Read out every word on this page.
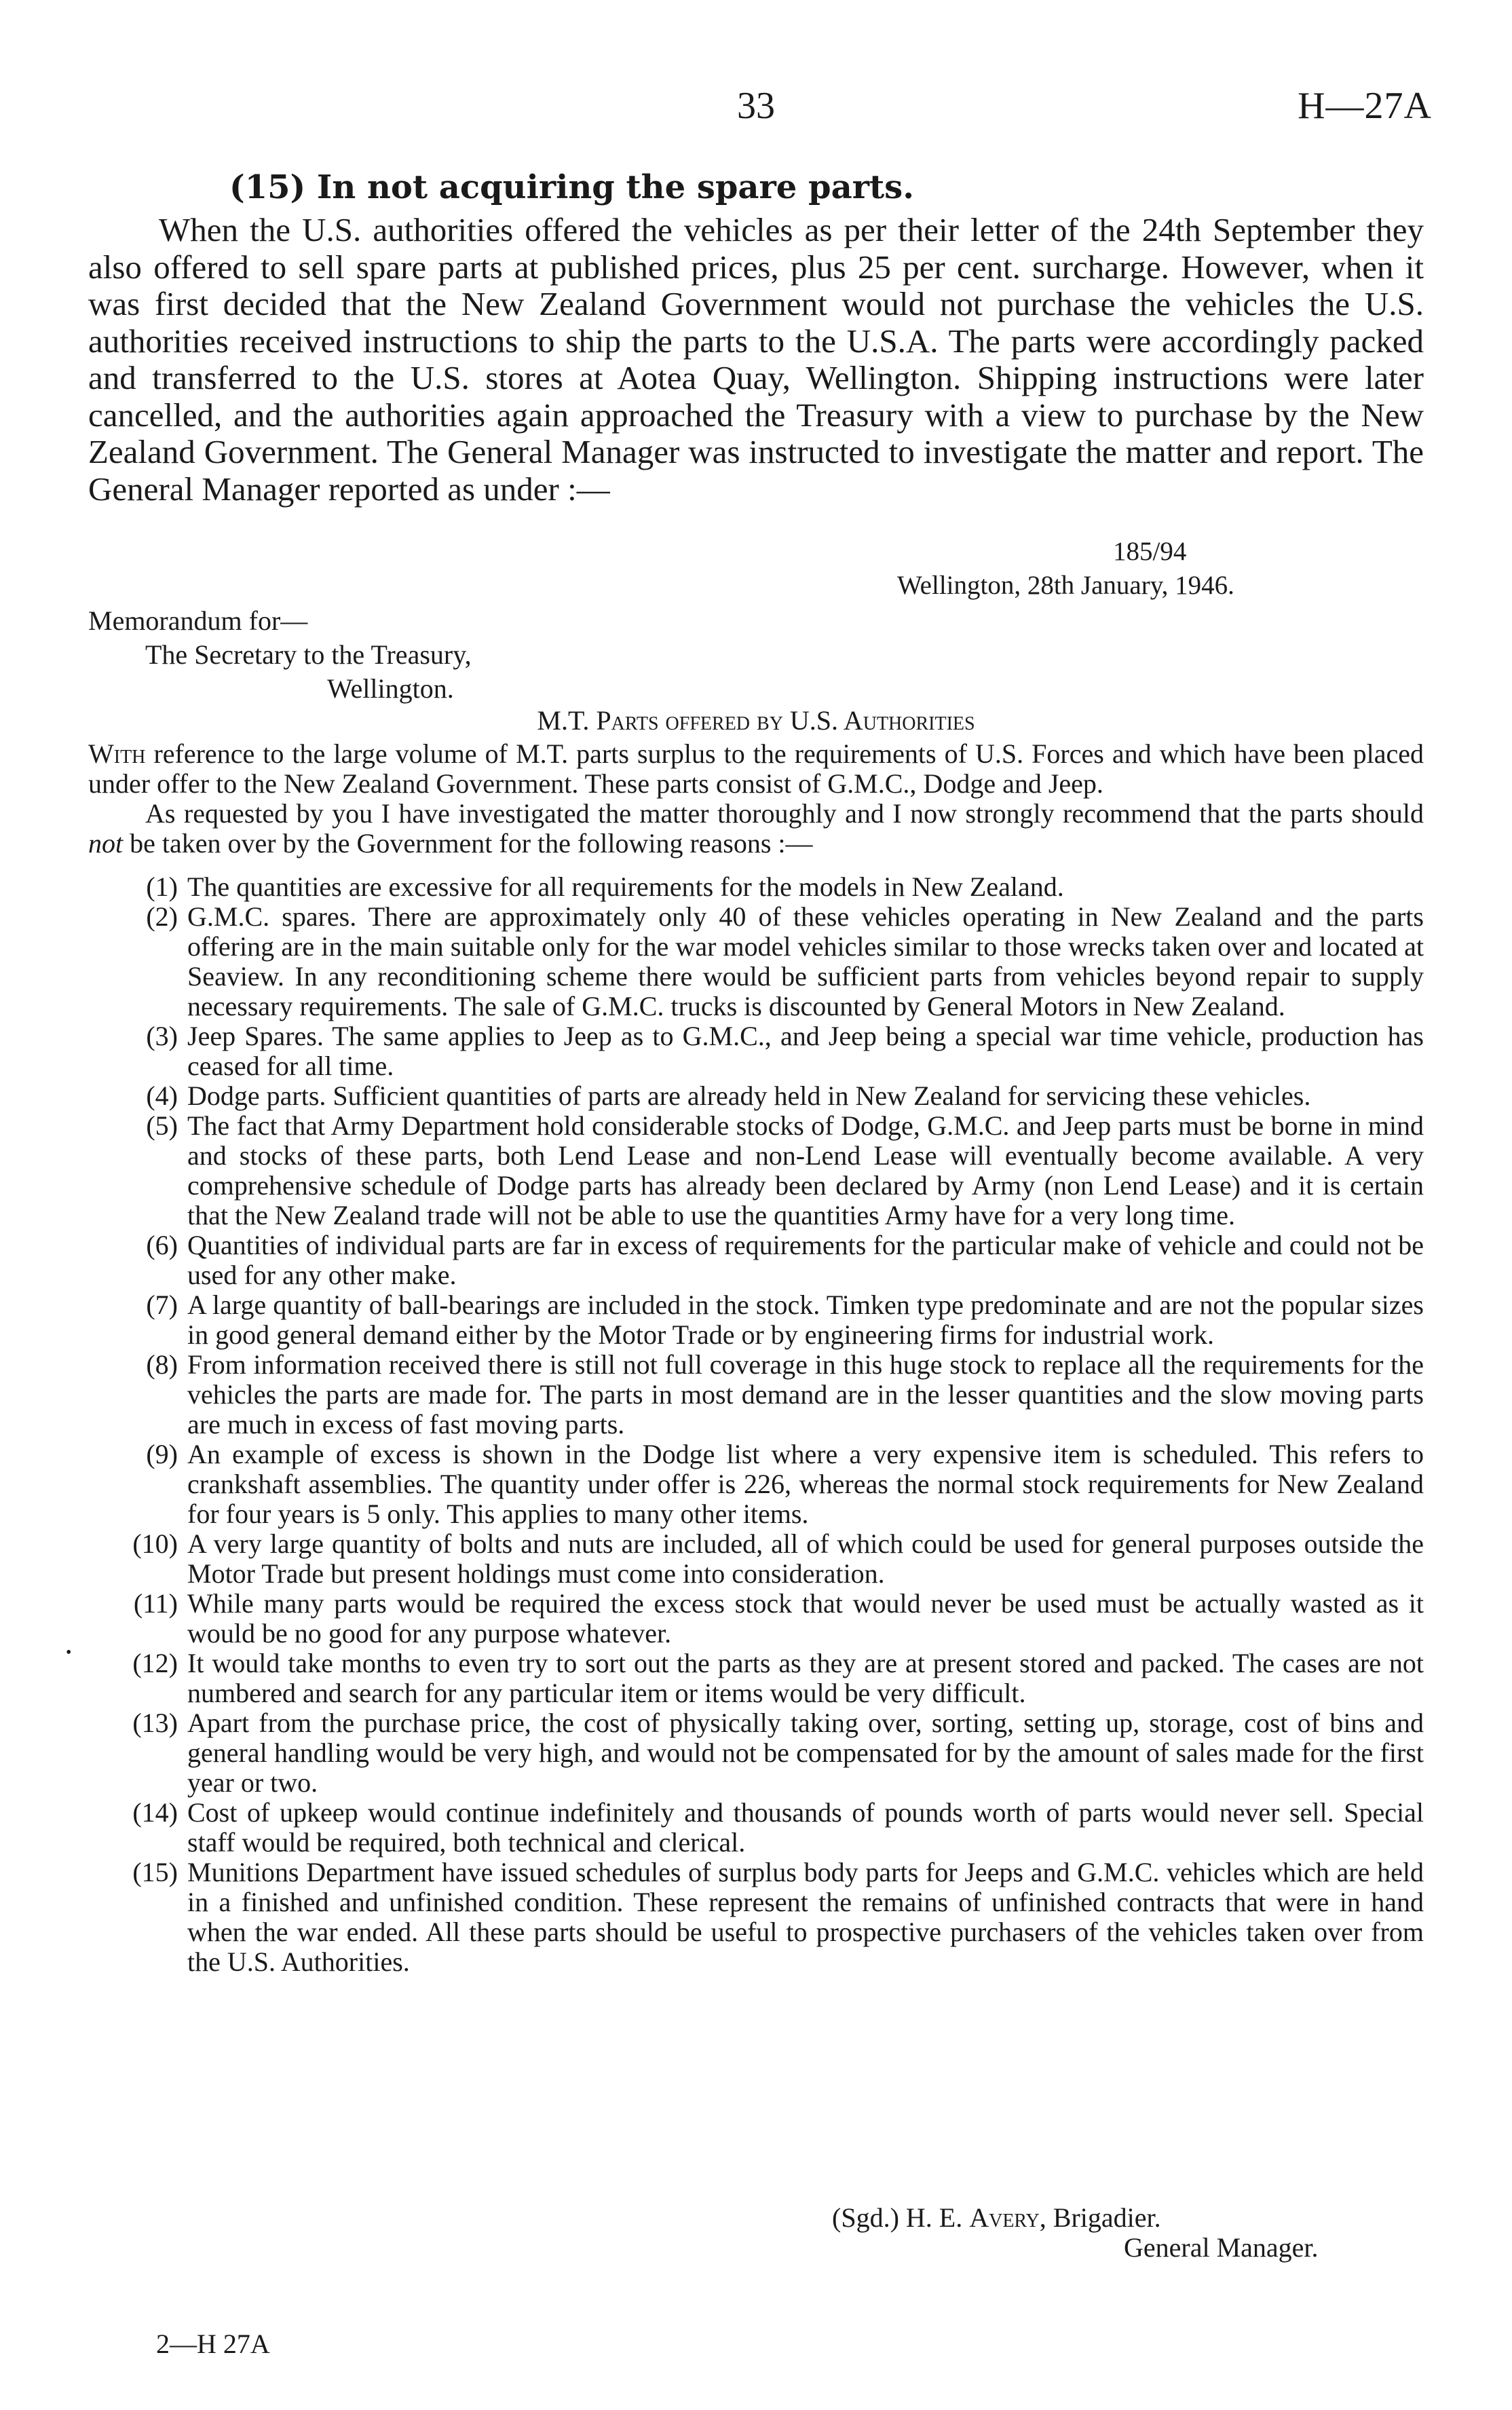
33	H—27A
(15) In not acquiring the spare parts.
When the U.S. authorities offered the vehicles as per their letter of the 24th September they also offered to sell spare parts at published prices, plus 25 per cent. surcharge. However, when it was first decided that the New Zealand Government would not purchase the vehicles the U.S. authorities received instructions to ship the parts to the U.S.A. The parts were accordingly packed and transferred to the U.S. stores at Aotea Quay, Wellington. Shipping instructions were later cancelled, and the authorities again approached the Treasury with a view to purchase by the New Zealand Government. The General Manager was instructed to investigate the matter and report. The General Manager reported as under :—
185/94
Wellington, 28th January, 1946.
Memorandum for—
The Secretary to the Treasury,
Wellington.
M.T. Parts offered by U.S. Authorities

With reference to the large volume of M.T. parts surplus to the requirements of U.S. Forces and which have been placed under offer to the New Zealand Government. These parts consist of G.M.C., Dodge and Jeep.

As requested by you I have investigated the matter thoroughly and I now strongly recommend that the parts should not be taken over by the Government for the following reasons :—

(1) The quantities are excessive for all requirements for the models in New Zealand.
(2) G.M.C. spares. There are approximately only 40 of these vehicles operating in New Zealand and the parts offering are in the main suitable only for the war model vehicles similar to those wrecks taken over and located at Seaview. In any reconditioning scheme there would be sufficient parts from vehicles beyond repair to supply necessary requirements. The sale of G.M.C. trucks is discounted by General Motors in New Zealand.
(3) Jeep Spares. The same applies to Jeep as to G.M.C., and Jeep being a special war time vehicle, production has ceased for all time.
(4) Dodge parts. Sufficient quantities of parts are already held in New Zealand for servicing these vehicles.
(5) The fact that Army Department hold considerable stocks of Dodge, G.M.C. and Jeep parts must be borne in mind and stocks of these parts, both Lend Lease and non-Lend Lease will eventually become available. A very comprehensive schedule of Dodge parts has already been declared by Army (non Lend Lease) and it is certain that the New Zealand trade will not be able to use the quantities Army have for a very long time.
(6) Quantities of individual parts are far in excess of requirements for the particular make of vehicle and could not be used for any other make.
(7) A large quantity of ball-bearings are included in the stock. Timken type predominate and are not the popular sizes in good general demand either by the Motor Trade or by engineering firms for industrial work.
(8) From information received there is still not full coverage in this huge stock to replace all the requirements for the vehicles the parts are made for. The parts in most demand are in the lesser quantities and the slow moving parts are much in excess of fast moving parts.
(9) An example of excess is shown in the Dodge list where a very expensive item is scheduled. This refers to crankshaft assemblies. The quantity under offer is 226, whereas the normal stock requirements for New Zealand for four years is 5 only. This applies to many other items.
(10) A very large quantity of bolts and nuts are included, all of which could be used for general purposes outside the Motor Trade but present holdings must come into consideration.
(11) While many parts would be required the excess stock that would never be used must be actually wasted as it would be no good for any purpose whatever.
(12) It would take months to even try to sort out the parts as they are at present stored and packed. The cases are not numbered and search for any particular item or items would be very difficult.
(13) Apart from the purchase price, the cost of physically taking over, sorting, setting up, storage, cost of bins and general handling would be very high, and would not be compensated for by the amount of sales made for the first year or two.
(14) Cost of upkeep would continue indefinitely and thousands of pounds worth of parts would never sell. Special staff would be required, both technical and clerical.
(15) Munitions Department have issued schedules of surplus body parts for Jeeps and G.M.C. vehicles which are held in a finished and unfinished condition. These represent the remains of unfinished contracts that were in hand when the war ended. All these parts should be useful to prospective purchasers of the vehicles taken over from the U.S. Authorities.
(Sgd.) H. E. Avery, Brigadier.
General Manager.
•
2—H 27A
